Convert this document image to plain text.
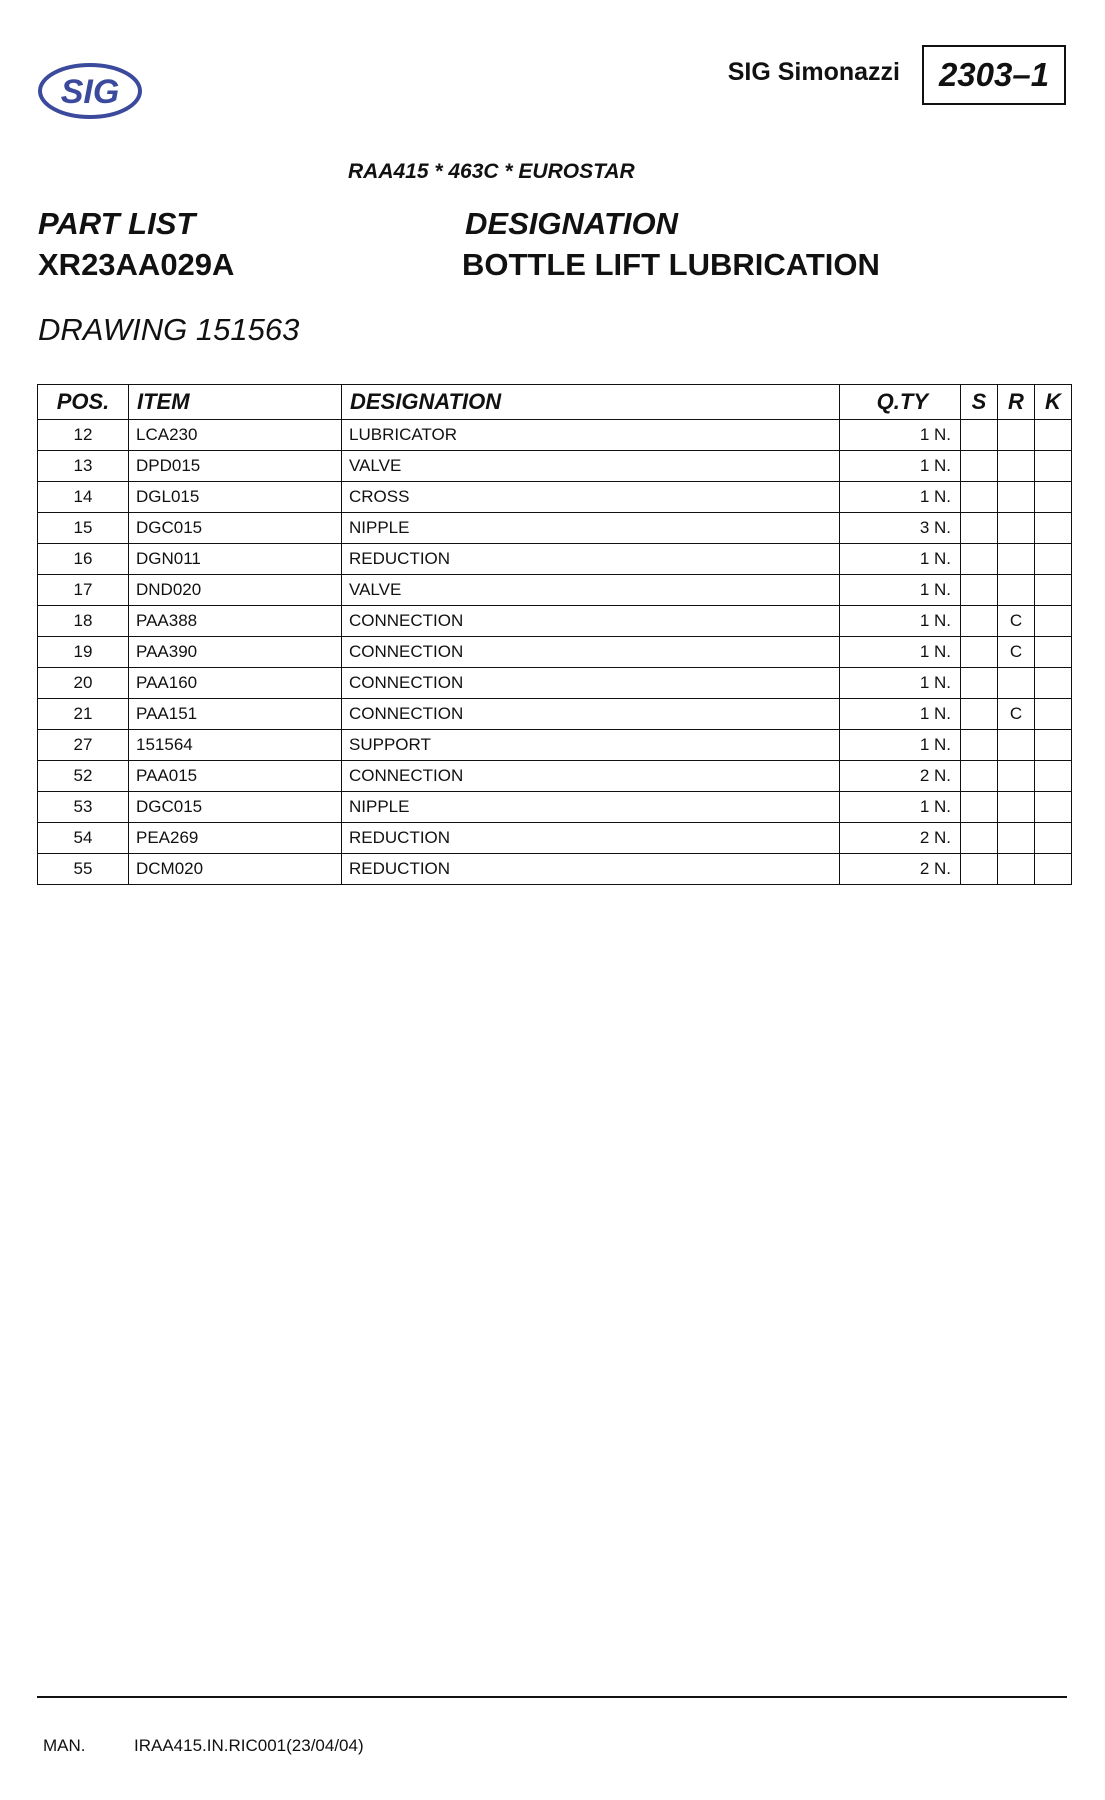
SIG
SIG Simonazzi 2303–1
RAA415 * 463C * EUROSTAR
PART LIST	DESIGNATION
XR23AA029A	BOTTLE LIFT LUBRICATION
DRAWING 151563
POS.	ITEM	DESIGNATION	Q.TY	S	R	K
12	LCA230	LUBRICATOR	1 N.			
13	DPD015	VALVE	1 N.			
14	DGL015	CROSS	1 N.			
15	DGC015	NIPPLE	3 N.			
16	DGN011	REDUCTION	1 N.			
17	DND020	VALVE	1 N.			
18	PAA388	CONNECTION	1 N.		C	
19	PAA390	CONNECTION	1 N.		C	
20	PAA160	CONNECTION	1 N.			
21	PAA151	CONNECTION	1 N.		C	
27	151564	SUPPORT	1 N.			
52	PAA015	CONNECTION	2 N.			
53	DGC015	NIPPLE	1 N.			
54	PEA269	REDUCTION	2 N.			
55	DCM020	REDUCTION	2 N.			
MAN.	IRAA415.IN.RIC001(23/04/04)
